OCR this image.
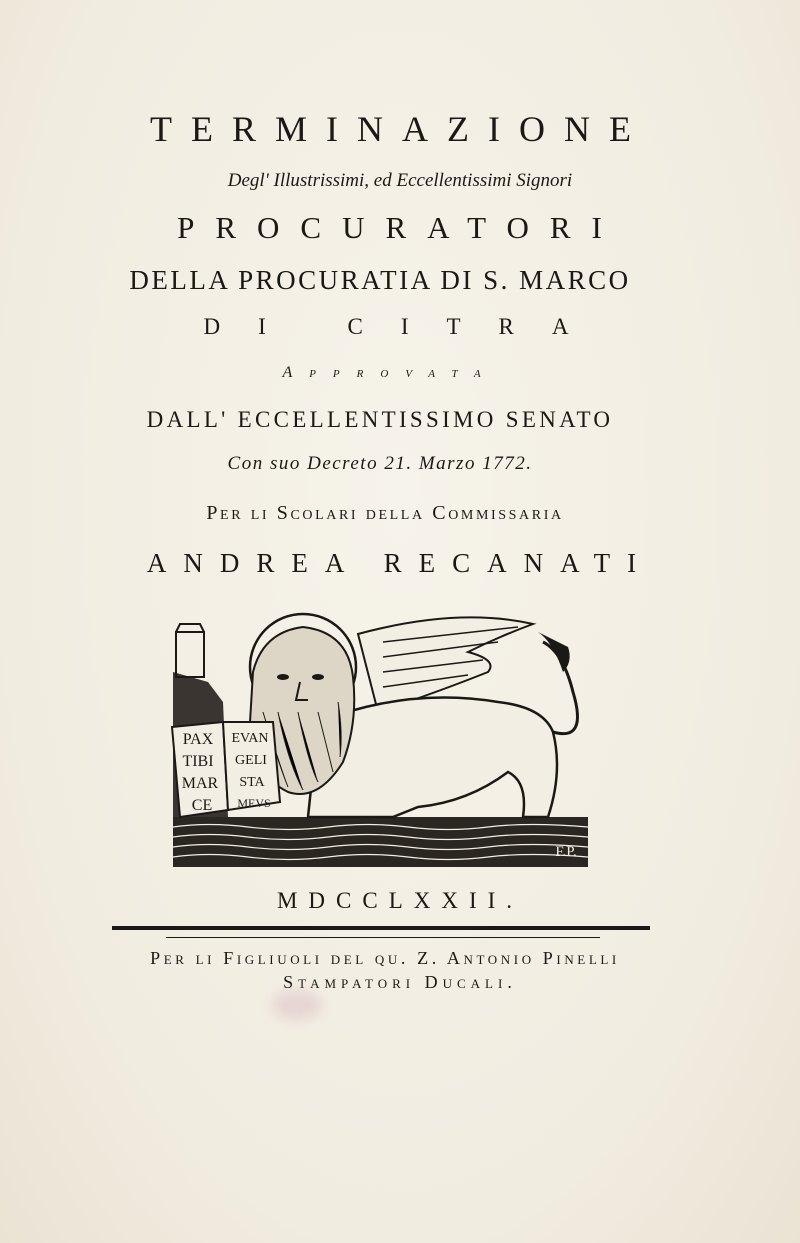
TERMINAZIONE
Degl' Illustrissimi, ed Eccellentissimi Signori
PROCURATORI
DELLA PROCURATIA DI S. MARCO
DI CITRA
Approvata
DALL' ECCELLENTISSIMO SENATO
Con suo Decreto 21. Marzo 1772.
Per li Scolari della Commissaria
ANDREA RECANATI
PAX
TIBI
MAR
CE
EVAN
GELI
STA
MEVS
F.P.
MDCCLXXII.
Per li Figliuoli del qu. Z. Antonio Pinelli
Stampatori Ducali.
